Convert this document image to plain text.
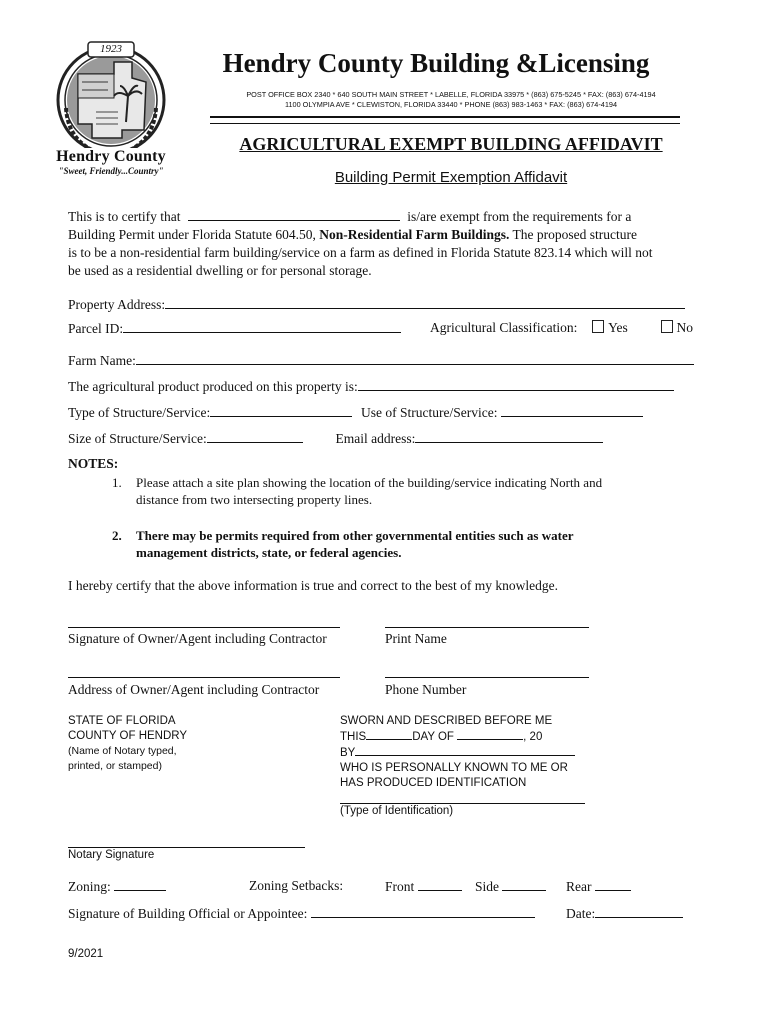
1923
Hendry County
"Sweet, Friendly...Country"
Hendry County Building &Licensing
POST OFFICE BOX 2340 * 640 SOUTH MAIN STREET * LABELLE, FLORIDA 33975 * (863) 675-5245 * FAX: (863) 674-4194
1100 OLYMPIA AVE * CLEWISTON, FLORIDA 33440 * PHONE (863) 983-1463 * FAX: (863) 674-4194
AGRICULTURAL EXEMPT BUILDING AFFIDAVIT
Building Permit Exemption Affidavit
This is to certify that	is/are exempt from the requirements for a
Building Permit under Florida Statute 604.50, Non-Residential Farm Buildings. The proposed structure
is to be a non-residential farm building/service on a farm as defined in Florida Statute 823.14 which will not
be used as a residential dwelling or for personal storage.
Property Address:
Parcel ID:	Agricultural Classification: Yes	No
Farm Name:
The agricultural product produced on this property is:
Type of Structure/Service:	Use of Structure/Service:
Size of Structure/Service:	Email address:
NOTES:
1. Please attach a site plan showing the location of the building/service indicating North and
distance from two intersecting property lines.
2. There may be permits required from other governmental entities such as water
management districts, state, or federal agencies.
I hereby certify that the above information is true and correct to the best of my knowledge.
Signature of Owner/Agent including Contractor	Print Name
Address of Owner/Agent including Contractor	Phone Number
STATE OF FLORIDA
COUNTY OF HENDRY
(Name of Notary typed,
printed, or stamped)
SWORN AND DESCRIBED BEFORE ME
THIS	DAY OF	, 20
BY
WHO IS PERSONALLY KNOWN TO ME OR
HAS PRODUCED IDENTIFICATION
(Type of Identification)
Notary Signature
Zoning:	Zoning Setbacks:	Front	Side	Rear
Signature of Building Official or Appointee:	Date:
9/2021
